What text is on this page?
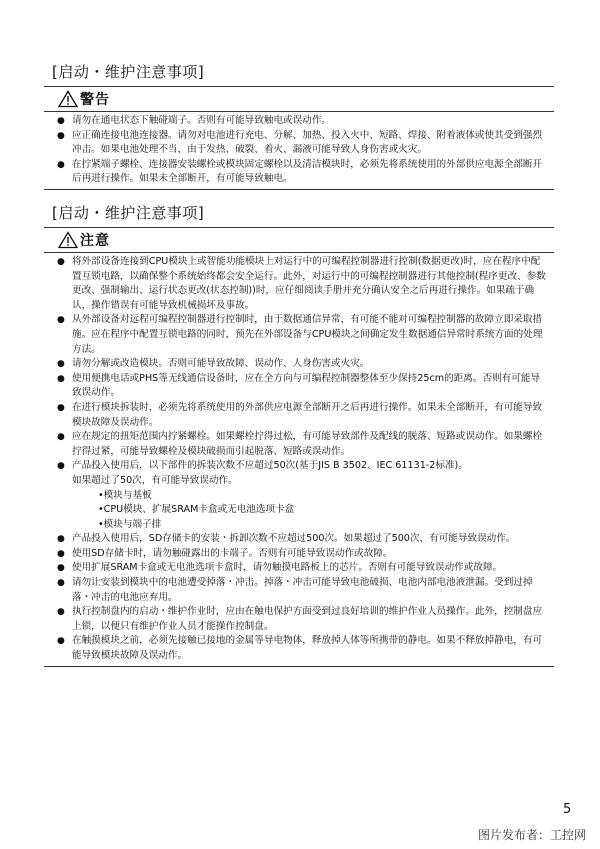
[启动・维护注意事项]
警告
● 请勿在通电状态下触碰端子。否则有可能导致触电或误动作。
● 应正确连接电池连接器。请勿对电池进行充电、分解、加热、投入火中、短路、焊接、附着液体或使其受到强烈冲击。如果电池处理不当，由于发热、破裂、着火、漏液可能导致人身伤害或火灾。
● 在拧紧端子螺栓、连接器安装螺栓或模块固定螺栓以及清洁模块时，必须先将系统使用的外部供应电源全部断开后再进行操作。如果未全部断开，有可能导致触电。
[启动・维护注意事项]
注意
● 将外部设备连接到CPU模块上或智能功能模块上对运行中的可编程控制器进行控制(数据更改)时，应在程序中配置互锁电路，以确保整个系统始终都会安全运行。此外，对运行中的可编程控制器进行其他控制(程序更改、参数更改、强制输出、运行状态更改(状态控制))时，应仔细阅读手册并充分确认安全之后再进行操作。如果疏于确认，操作错误有可能导致机械损坏及事故。
● 从外部设备对远程可编程控制器进行控制时，由于数据通信异常，有可能不能对可编程控制器的故障立即采取措施。应在程序中配置互锁电路的同时，预先在外部设备与CPU模块之间确定发生数据通信异常时系统方面的处理方法。
● 请勿分解或改造模块。否则可能导致故障、误动作、人身伤害或火灾。
● 使用便携电话或PHS等无线通信设备时，应在全方向与可编程控制器整体至少保持25cm的距离。否则有可能导致误动作。
● 在进行模块拆装时，必须先将系统使用的外部供应电源全部断开之后再进行操作。如果未全部断开，有可能导致模块故障及误动作。
● 应在规定的扭矩范围内拧紧螺栓。如果螺栓拧得过松，有可能导致部件及配线的脱落、短路或误动作。如果螺栓拧得过紧，可能导致螺栓及模块破损而引起脱落、短路或误动作。
● 产品投入使用后，以下部件的拆装次数不应超过50次(基于JIS B 3502、IEC 61131-2标准)。
如果超过了50次，有可能导致误动作。
•模块与基板
•CPU模块、扩展SRAM卡盒或无电池选项卡盒
•模块与端子排
● 产品投入使用后，SD存储卡的安装・拆卸次数不应超过500次。如果超过了500次，有可能导致误动作。
● 使用SD存储卡时，请勿触碰露出的卡端子。否则有可能导致误动作或故障。
● 使用扩展SRAM卡盒或无电池选项卡盒时，请勿触摸电路板上的芯片。否则有可能导致误动作或故障。
● 请勿让安装到模块中的电池遭受掉落・冲击。掉落・冲击可能导致电池破损、电池内部电池液泄漏。受到过掉落・冲击的电池应弃用。
● 执行控制盘内的启动・维护作业时，应由在触电保护方面受到过良好培训的维护作业人员操作。此外，控制盘应上锁，以便只有维护作业人员才能操作控制盘。
● 在触摸模块之前，必须先接触已接地的金属等导电物体，释放掉人体等所携带的静电。如果不释放掉静电，有可能导致模块故障及误动作。
5
图片发布者：工控网
